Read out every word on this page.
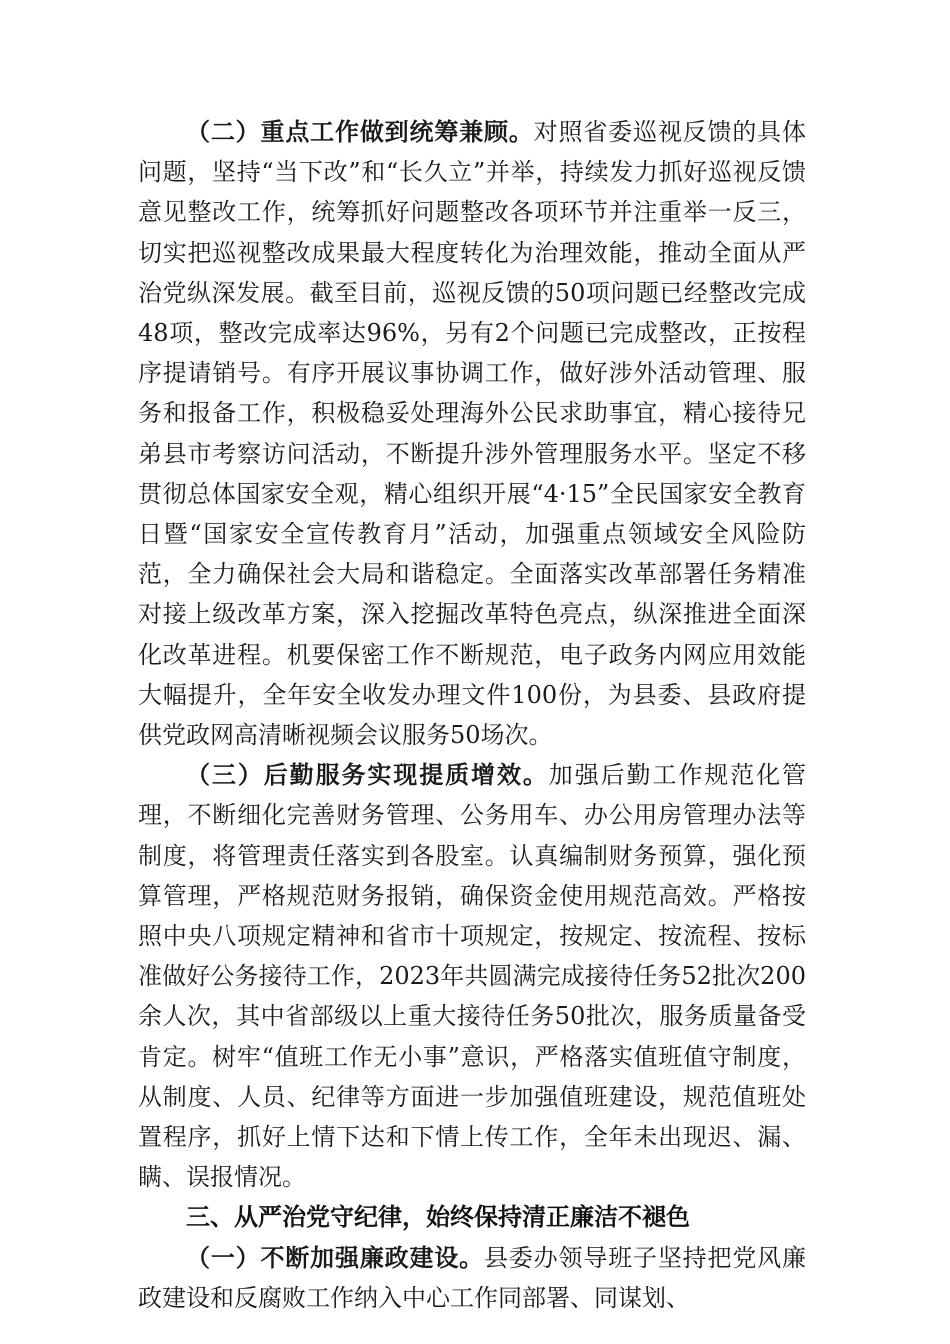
（二）重点工作做到统筹兼顾。对照省委巡视反馈的具体问题，坚持“当下改”和“长久立”并举，持续发力抓好巡视反馈意见整改工作，统筹抓好问题整改各项环节并注重举一反三，切实把巡视整改成果最大程度转化为治理效能，推动全面从严治党纵深发展。截至目前，巡视反馈的50项问题已经整改完成48项，整改完成率达96%，另有2个问题已完成整改，正按程序提请销号。有序开展议事协调工作，做好涉外活动管理、服务和报备工作，积极稳妥处理海外公民求助事宜，精心接待兄弟县市考察访问活动，不断提升涉外管理服务水平。坚定不移贯彻总体国家安全观，精心组织开展“4·15”全民国家安全教育日暨“国家安全宣传教育月”活动，加强重点领域安全风险防范，全力确保社会大局和谐稳定。全面落实改革部署任务精准对接上级改革方案，深入挖掘改革特色亮点，纵深推进全面深化改革进程。机要保密工作不断规范，电子政务内网应用效能大幅提升，全年安全收发办理文件100份，为县委、县政府提供党政网高清晰视频会议服务50场次。

（三）后勤服务实现提质增效。加强后勤工作规范化管理，不断细化完善财务管理、公务用车、办公用房管理办法等制度，将管理责任落实到各股室。认真编制财务预算，强化预算管理，严格规范财务报销，确保资金使用规范高效。严格按照中央八项规定精神和省市十项规定，按规定、按流程、按标准做好公务接待工作，2023年共圆满完成接待任务52批次200余人次，其中省部级以上重大接待任务50批次，服务质量备受肯定。树牢“值班工作无小事”意识，严格落实值班值守制度，从制度、人员、纪律等方面进一步加强值班建设，规范值班处置程序，抓好上情下达和下情上传工作，全年未出现迟、漏、瞒、误报情况。

三、从严治党守纪律，始终保持清正廉洁不褪色

（一）不断加强廉政建设。县委办领导班子坚持把党风廉政建设和反腐败工作纳入中心工作同部署、同谋划、
